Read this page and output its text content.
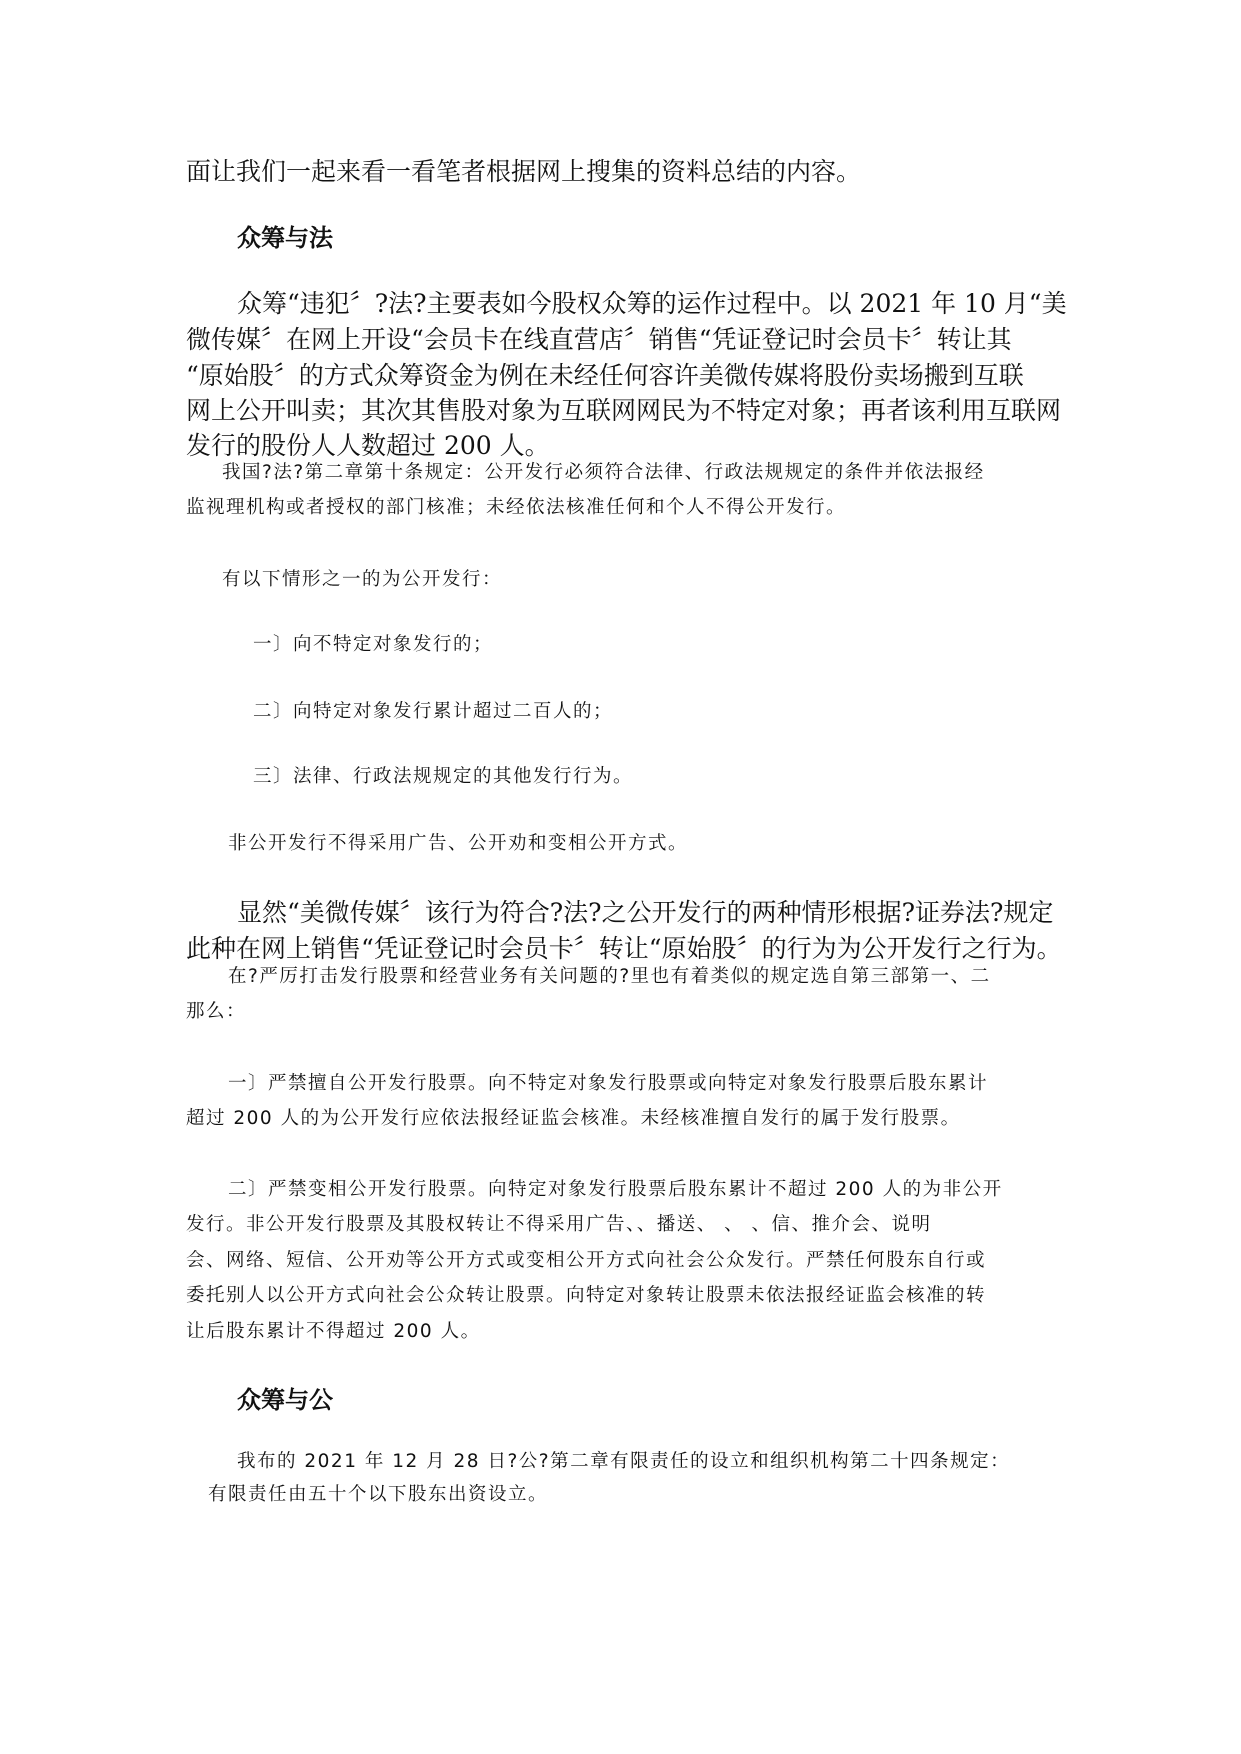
面让我们一起来看一看笔者根据网上搜集的资料总结的内容。

众筹与法

众筹“违犯〞?法?主要表如今股权众筹的运作过程中。以 2021 年 10 月“美

微传媒〞在网上开设“会员卡在线直营店〞销售“凭证登记时会员卡〞转让其

“原始股〞的方式众筹资金为例在未经任何容许美微传媒将股份卖场搬到互联

网上公开叫卖；其次其售股对象为互联网网民为不特定对象；再者该利用互联网

发行的股份人人数超过 200 人。

我国?法?第二章第十条规定：公开发行必须符合法律、行政法规规定的条件并依法报经

监视理机构或者授权的部门核准；未经依法核准任何和个人不得公开发行。

有以下情形之一的为公开发行：

一〕向不特定对象发行的；

二〕向特定对象发行累计超过二百人的；

三〕法律、行政法规规定的其他发行行为。

非公开发行不得采用广告、公开劝和变相公开方式。

显然“美微传媒〞该行为符合?法?之公开发行的两种情形根据?证券法?规定

此种在网上销售“凭证登记时会员卡〞转让“原始股〞的行为为公开发行之行为。

在?严厉打击发行股票和经营业务有关问题的?里也有着类似的规定选自第三部第一、二

那么：

一〕严禁擅自公开发行股票。向不特定对象发行股票或向特定对象发行股票后股东累计

超过 200 人的为公开发行应依法报经证监会核准。未经核准擅自发行的属于发行股票。

二〕严禁变相公开发行股票。向特定对象发行股票后股东累计不超过 200 人的为非公开

发行。非公开发行股票及其股权转让不得采用广告、、播送、 、 、信、推介会、说明

会、网络、短信、公开劝等公开方式或变相公开方式向社会公众发行。严禁任何股东自行或

委托别人以公开方式向社会公众转让股票。向特定对象转让股票未依法报经证监会核准的转

让后股东累计不得超过 200 人。

众筹与公

我布的 2021 年 12 月 28 日?公?第二章有限责任的设立和组织机构第二十四条规定：

有限责任由五十个以下股东出资设立。
